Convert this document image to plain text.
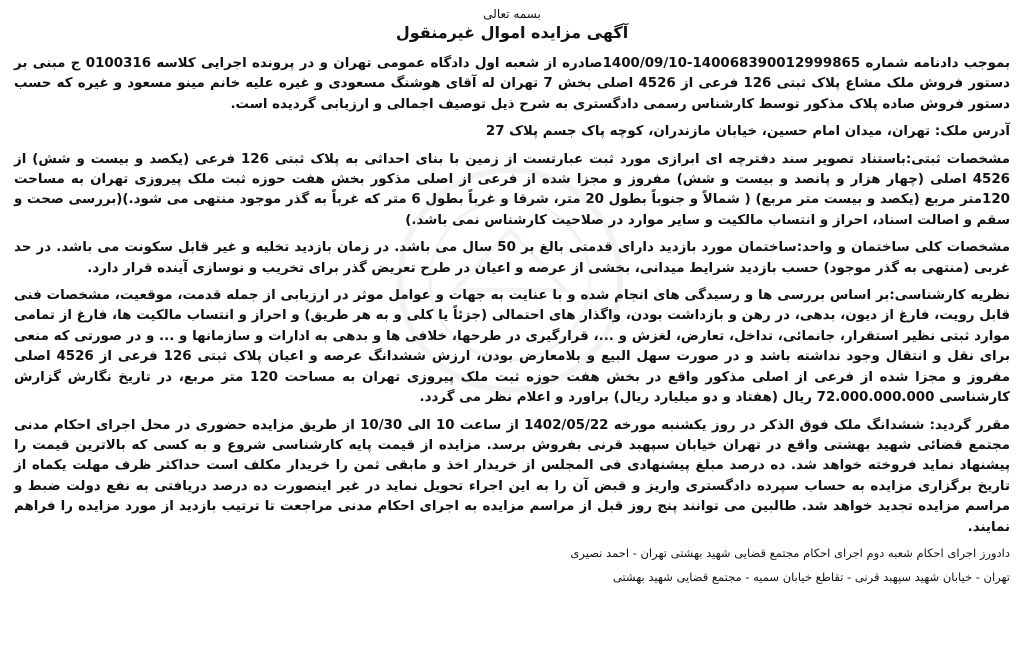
بسمه تعالی
آگهی مزایده اموال غیرمنقول

بموجب دادنامه شماره 140068390012999865-1400/09/10صادره از شعبه اول دادگاه عمومی تهران و در پرونده اجرایی کلاسه 0100316 ج مبنی بر دستور فروش ملک مشاع پلاک ثبتی 126 فرعی از 4526 اصلی بخش 7 تهران له آقای هوشنگ مسعودی و غیره علیه خانم مینو مسعود و غیره که حسب دستور فروش صاده پلاک مذکور توسط کارشناس رسمی دادگستری به شرح ذیل توصیف اجمالی و ارزیابی گردیده است.

آدرس ملک: تهران، میدان امام حسین، خیابان مازندران، کوچه پاک جسم پلاک 27

مشخصات ثبتی:باستناد تصویر سند دفترچه ای ابرازی مورد ثبت عبارتست از زمین با بنای احداثی به پلاک ثبتی 126 فرعی (یکصد و بیست و شش) از 4526 اصلی (چهار هزار و پانصد و بیست و شش) مفروز و مجزا شده از فرعی از اصلی مذکور بخش هفت حوزه ثبت ملک پیروزی تهران به مساحت 120متر مربع (یکصد و بیست متر مربع) ( شمالاً و جنوباً بطول 20 متر، شرقا و غرباً بطول 6 متر که غرباً به گذر موجود منتهی می شود.)(بررسی صحت و سقم و اصالت اسناد، احراز و انتساب مالکیت و سایر موارد در صلاحیت کارشناس نمی باشد.)

مشخصات کلی ساختمان و واحد:ساختمان مورد بازدید دارای قدمتی بالغ بر 50 سال می باشد. در زمان بازدید تخلیه و غیر قابل سکونت می باشد. در حد غربی (منتهی به گذر موجود) حسب بازدید شرایط میدانی، بخشی از عرصه و اعیان در طرح تعریض گذر برای تخریب و نوسازی آینده قرار دارد.

نظریه کارشناسی:بر اساس بررسی ها و رسیدگی های انجام شده و با عنایت به جهات و عوامل موثر در ارزیابی از جمله قدمت، موقعیت، مشخصات فنی قابل رویت، فارغ از دیون، بدهی، در رهن و بازداشت بودن، واگذار های احتمالی (جزئاً یا کلی و به هر طریق) و احراز و انتساب مالکیت ها، فارغ از تمامی موارد ثبتی نظیر استقرار، جانمائی، تداخل، تعارض، لغزش و ...، قرارگیری در طرحها، خلافی ها و بدهی به ادارات و سازمانها و ... و در صورتی که منعی برای نقل و انتقال وجود نداشته باشد و در صورت سهل البیع و بلامعارض بودن، ارزش ششدانگ عرصه و اعیان پلاک ثبتی 126 فرعی از 4526 اصلی مفروز و مجزا شده از فرعی از اصلی مذکور واقع در بخش هفت حوزه ثبت ملک پیروزی تهران به مساحت 120 متر مربع، در تاریخ نگارش گزارش کارشناسی 72.000.000.000 ریال (هفتاد و دو میلیارد ریال) براورد و اعلام نظر می گردد.

مقرر گردید: ششدانگ ملک فوق الذکر در روز یکشنبه مورخه 1402/05/22 از ساعت 10 الی 10/30 از طریق مزایده حضوری در محل اجرای احکام مدنی مجتمع قضائی شهید بهشتی واقع در تهران خیابان سپهبد قرنی بفروش برسد. مزایده از قیمت پایه کارشناسی شروع و به کسی که بالاترین قیمت را پیشنهاد نماید فروخته خواهد شد. ده درصد مبلغ پیشنهادی فی المجلس از خریدار اخذ و مابقی ثمن را خریدار مکلف است حداکثر ظرف مهلت یکماه از تاریخ برگزاری مزایده به حساب سپرده دادگستری واریز و قبض آن را به این اجراء تحویل نماید در غیر اینصورت ده درصد دریافتی به نفع دولت ضبط و مراسم مزایده تجدید خواهد شد. طالبین می توانند پنج روز قبل از مراسم مزایده به اجرای احکام مدنی مراجعت تا ترتیب بازدید از مورد مزایده را فراهم نمایند.

دادورز اجرای احکام شعبه دوم اجرای احکام مجتمع قضایی شهید بهشتی تهران - احمد نصیری
تهران - خیابان شهید سپهبد قرنی - تقاطع خیابان سمیه - مجتمع قضایی شهید بهشتی
